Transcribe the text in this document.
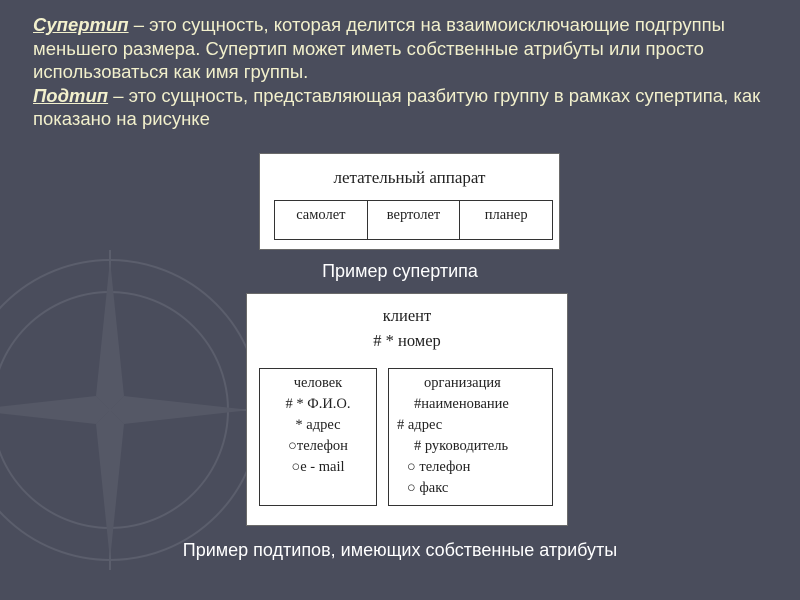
Супертип – это сущность, которая делится на взаимоисключающие подгруппы меньшего размера. Супертип может иметь собственные атрибуты или просто использоваться как имя группы.
Подтип – это сущность, представляющая разбитую группу в рамках супертипа, как показано на рисунке
летательный аппарат
самолет	вертолет	планер
Пример супертипа
клиент
# * номер
человек
# * Ф.И.О.
* адрес
○телефон
○e - mail
организация
#наименование
# адрес
# руководитель
○ телефон
○ факс
Пример подтипов, имеющих собственные атрибуты
